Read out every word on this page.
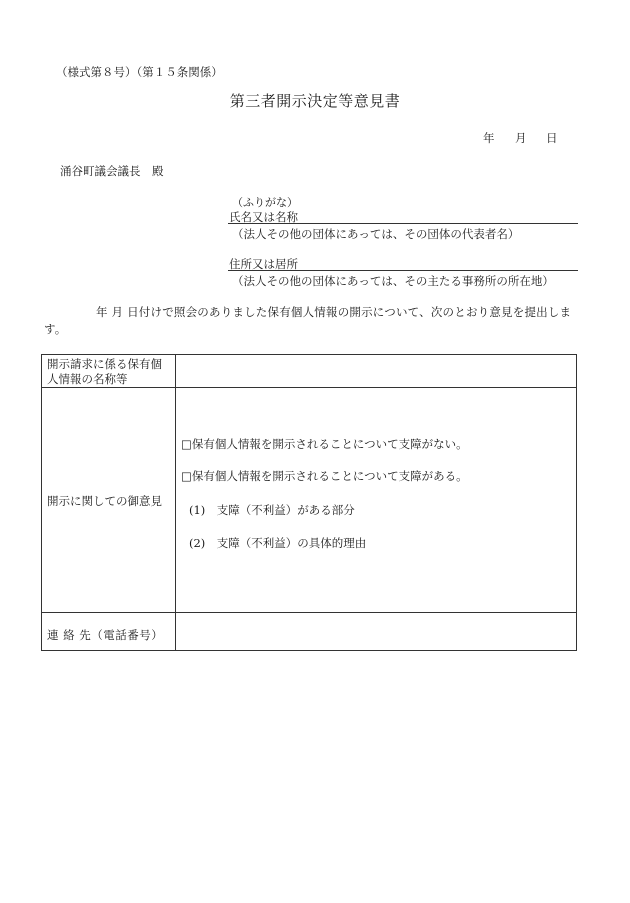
（様式第８号）（第１５条関係）
第三者開示決定等意見書
年 月 日
涌谷町議会議長　殿
（ふりがな）
氏名又は名称
（法人その他の団体にあっては、その団体の代表者名）
住所又は居所
（法人その他の団体にあっては、その主たる事務所の所在地）
年 月 日付けで照会のありました保有個人情報の開示について、次のとおり意見を提出します。
開示請求に係る保有個人情報の名称等
開示に関しての御意見
連 絡 先（電話番号）
□保有個人情報を開示されることについて支障がない。
□保有個人情報を開示されることについて支障がある。
(1)　支障（不利益）がある部分
(2)　支障（不利益）の具体的理由
